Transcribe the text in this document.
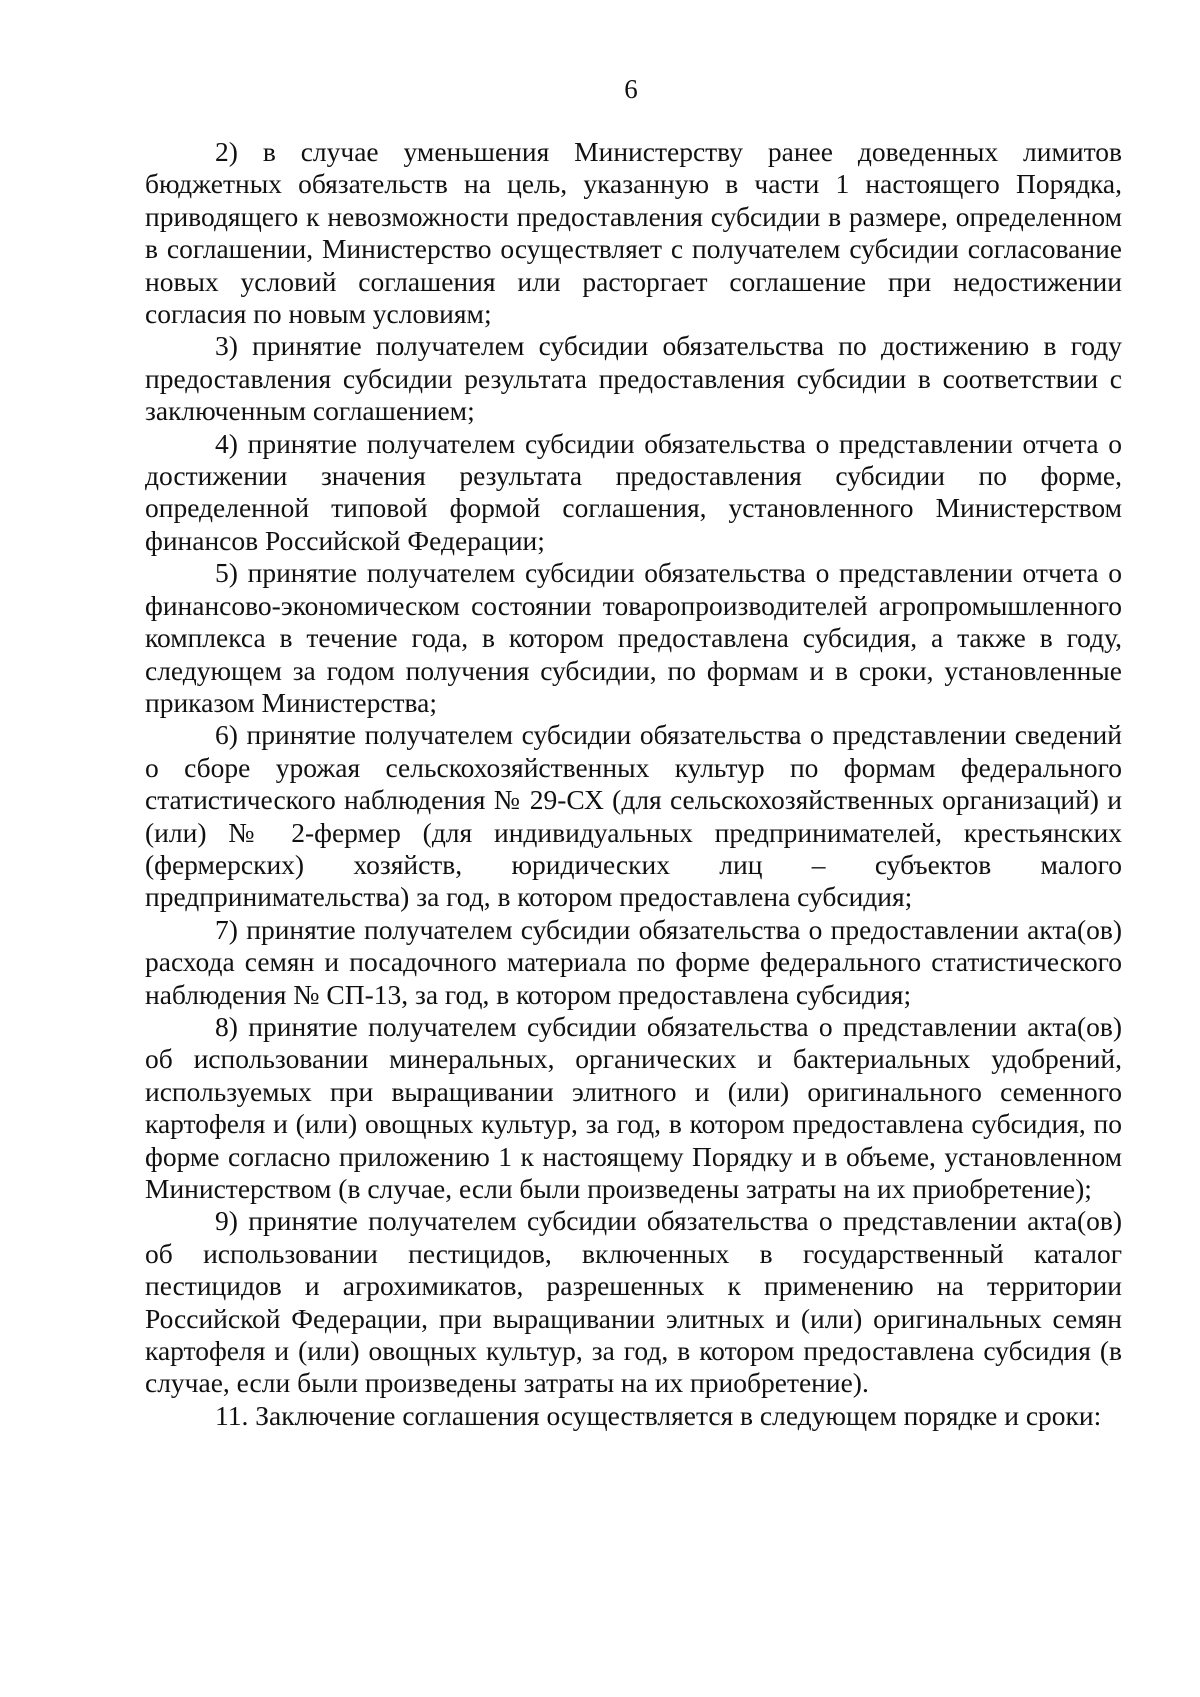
6

2) в случае уменьшения Министерству ранее доведенных лимитов бюджетных обязательств на цель, указанную в части 1 настоящего Порядка, приводящего к невозможности предоставления субсидии в размере, определенном в соглашении, Министерство осуществляет с получателем субсидии согласование новых условий соглашения или расторгает соглашение при недостижении согласия по новым условиям;

3) принятие получателем субсидии обязательства по достижению в году предоставления субсидии результата предоставления субсидии в соответствии с заключенным соглашением;

4) принятие получателем субсидии обязательства о представлении отчета о достижении значения результата предоставления субсидии по форме, определенной типовой формой соглашения, установленного Министерством финансов Российской Федерации;

5) принятие получателем субсидии обязательства о представлении отчета о финансово-экономическом состоянии товаропроизводителей агропромышленного комплекса в течение года, в котором предоставлена субсидия, а также в году, следующем за годом получения субсидии, по формам и в сроки, установленные приказом Министерства;

6) принятие получателем субсидии обязательства о представлении сведений о сборе урожая сельскохозяйственных культур по формам федерального статистического наблюдения № 29-СХ (для сельскохозяйственных организаций) и (или) № 2-фермер (для индивидуальных предпринимателей, крестьянских (фермерских) хозяйств, юридических лиц – субъектов малого предпринимательства) за год, в котором предоставлена субсидия;

7) принятие получателем субсидии обязательства о предоставлении акта(ов) расхода семян и посадочного материала по форме федерального статистического наблюдения № СП-13, за год, в котором предоставлена субсидия;

8) принятие получателем субсидии обязательства о представлении акта(ов) об использовании минеральных, органических и бактериальных удобрений, используемых при выращивании элитного и (или) оригинального семенного картофеля и (или) овощных культур, за год, в котором предоставлена субсидия, по форме согласно приложению 1 к настоящему Порядку и в объеме, установленном Министерством (в случае, если были произведены затраты на их приобретение);

9) принятие получателем субсидии обязательства о представлении акта(ов) об использовании пестицидов, включенных в государственный каталог пестицидов и агрохимикатов, разрешенных к применению на территории Российской Федерации, при выращивании элитных и (или) оригинальных семян картофеля и (или) овощных культур, за год, в котором предоставлена субсидия (в случае, если были произведены затраты на их приобретение).

11. Заключение соглашения осуществляется в следующем порядке и сроки:
